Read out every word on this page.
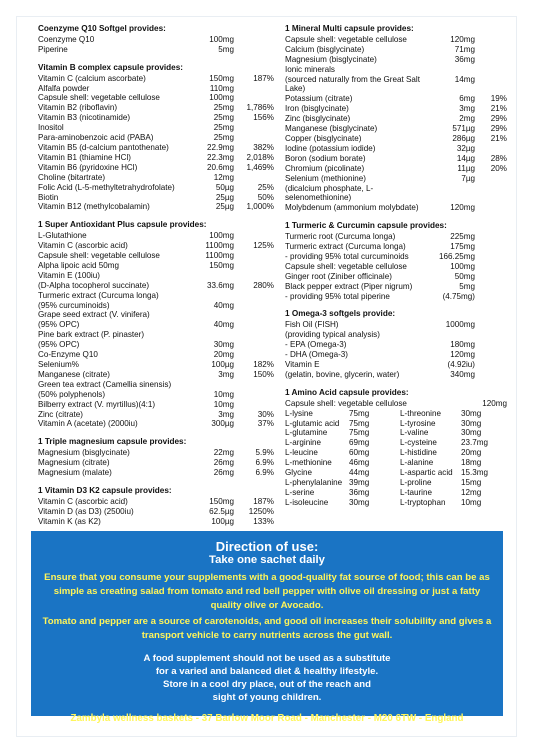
Coenzyme Q10 Softgel provides:
Coenzyme Q10	100mg
Piperine	5mg
Vitamin B complex capsule provides:
Vitamin C (calcium ascorbate)	150mg	187%
Alfalfa powder	110mg
Capsule shell: vegetable cellulose	100mg
Vitamin B2 (riboflavin)	25mg	1,786%
Vitamin B3 (nicotinamide)	25mg	156%
Inositol	25mg
Para-aminobenzoic acid (PABA)	25mg
Vitamin B5 (d-calcium pantothenate)	22.9mg	382%
Vitamin B1 (thiamine HCl)	22.3mg	2,018%
Vitamin B6 (pyridoxine HCl)	20.6mg	1,469%
Choline (bitartrate)	12mg
Folic Acid (L-5-methyltetrahydrofolate)	50µg	25%
Biotin	25µg	50%
Vitamin B12 (methylcobalamin)	25µg	1,000%
1 Super Antioxidant Plus capsule provides:
L-Glutathione	100mg
Vitamin C (ascorbic acid)	1100mg	125%
Capsule shell: vegetable cellulose	1100mg
Alpha lipoic acid 50mg	150mg
Vitamin E (100iu)
(D-Alpha tocopherol succinate)	33.6mg	280%
Turmeric extract (Curcuma longa)
(95% curcuminoids)	40mg
Grape seed extract (V. vinifera)
(95% OPC)	40mg
Pine bark extract (P. pinaster)
(95% OPC)	30mg
Co-Enzyme Q10	20mg
Selenium%	100µg	182%
Manganese (citrate)	3mg	150%
Green tea extract (Camellia sinensis)
(50% polyphenols)	10mg
Bilberry extract (V. myrtillus)(4:1)	10mg
Zinc (citrate)	3mg	30%
Vitamin A (acetate) (2000iu)	300µg	37%
1 Triple magnesium capsule provides:
Magnesium (bisglycinate)	22mg	5.9%
Magnesium (citrate)	26mg	6.9%
Magnesium (malate)	26mg	6.9%
1 Vitamin D3 K2 capsule provides:
Vitamin C (ascorbic acid)	150mg	187%
Vitamin D (as D3) (2500iu)	62.5µg	1250%
Vitamin K (as K2)	100µg	133%
1 Mineral Multi capsule provides:
Capsule shell: vegetable cellulose	120mg
Calcium (bisglycinate)	71mg
Magnesium (bisglycinate)	36mg
Ionic minerals
(sourced naturally from the Great Salt Lake)
14mg
Potassium (citrate)	6mg	19%
Iron (bisglycinate)	3mg	21%
Zinc (bisglycinate)	2mg	29%
Manganese (bisglycinate)	571µg	29%
Copper (bisglycinate)	286µg	21%
Iodine (potassium iodide)	32µg
Boron (sodium borate)	14µg	28%
Chromium (picolinate)	11µg	20%
Selenium (methionine)	7µg
(dicalcium phosphate, L-selenomethionine)
Molybdenum (ammonium molybdate)	120mg
1 Turmeric & Curcumin capsule provides:
Turmeric root (Curcuma longa)	225mg
Turmeric extract (Curcuma longa)	175mg
- providing 95% total curcuminoids	166.25mg
Capsule shell: vegetable cellulose	100mg
Ginger root (Ziniber officinale)	50mg
Black pepper extract (Piper nigrum)	5mg
- providing 95% total piperine	(4.75mg)
1 Omega-3 softgels provide:
Fish Oil (FISH)	1000mg
(providing typical analysis)
- EPA (Omega-3)	180mg
- DHA (Omega-3)	120mg
Vitamin E	(4.92iu)
(gelatin, bovine, glycerin, water)	340mg
1 Amino Acid capsule provides:
Capsule shell: vegetable cellulose	120mg
L-lysine	75mg
L-glutamic acid	75mg
L-glutamine	75mg
L-arginine	69mg
L-leucine	60mg
L-methionine	46mg
Glycine	44mg
L-phenylalanine 39mg
L-serine	36mg
L-isoleucine	30mg
L-threonine	30mg
L-tyrosine	30mg
L-valine	30mg
L-cysteine	23.7mg
L-histidine	20mg
L-alanine	18mg
L-aspartic acid	15.3mg
L-proline	15mg
L-taurine	12mg
L-tryptophan	10mg
Direction of use:
Take one sachet daily
Ensure that you consume your supplements with a good-quality fat source of food; this can be as simple as creating salad from tomato and red bell pepper with olive oil dressing or just a fatty quality olive or Avocado.
Tomato and pepper are a source of carotenoids, and good oil increases their solubility and gives a transport vehicle to carry nutrients across the gut wall.
A food supplement should not be used as a substitute
for a varied and balanced diet & healthy lifestyle.
Store in a cool dry place, out of the reach and
sight of young children.
Zambyla wellness baskets - 37 Barlow Moor Road - Manchester - M20 6TW - England
